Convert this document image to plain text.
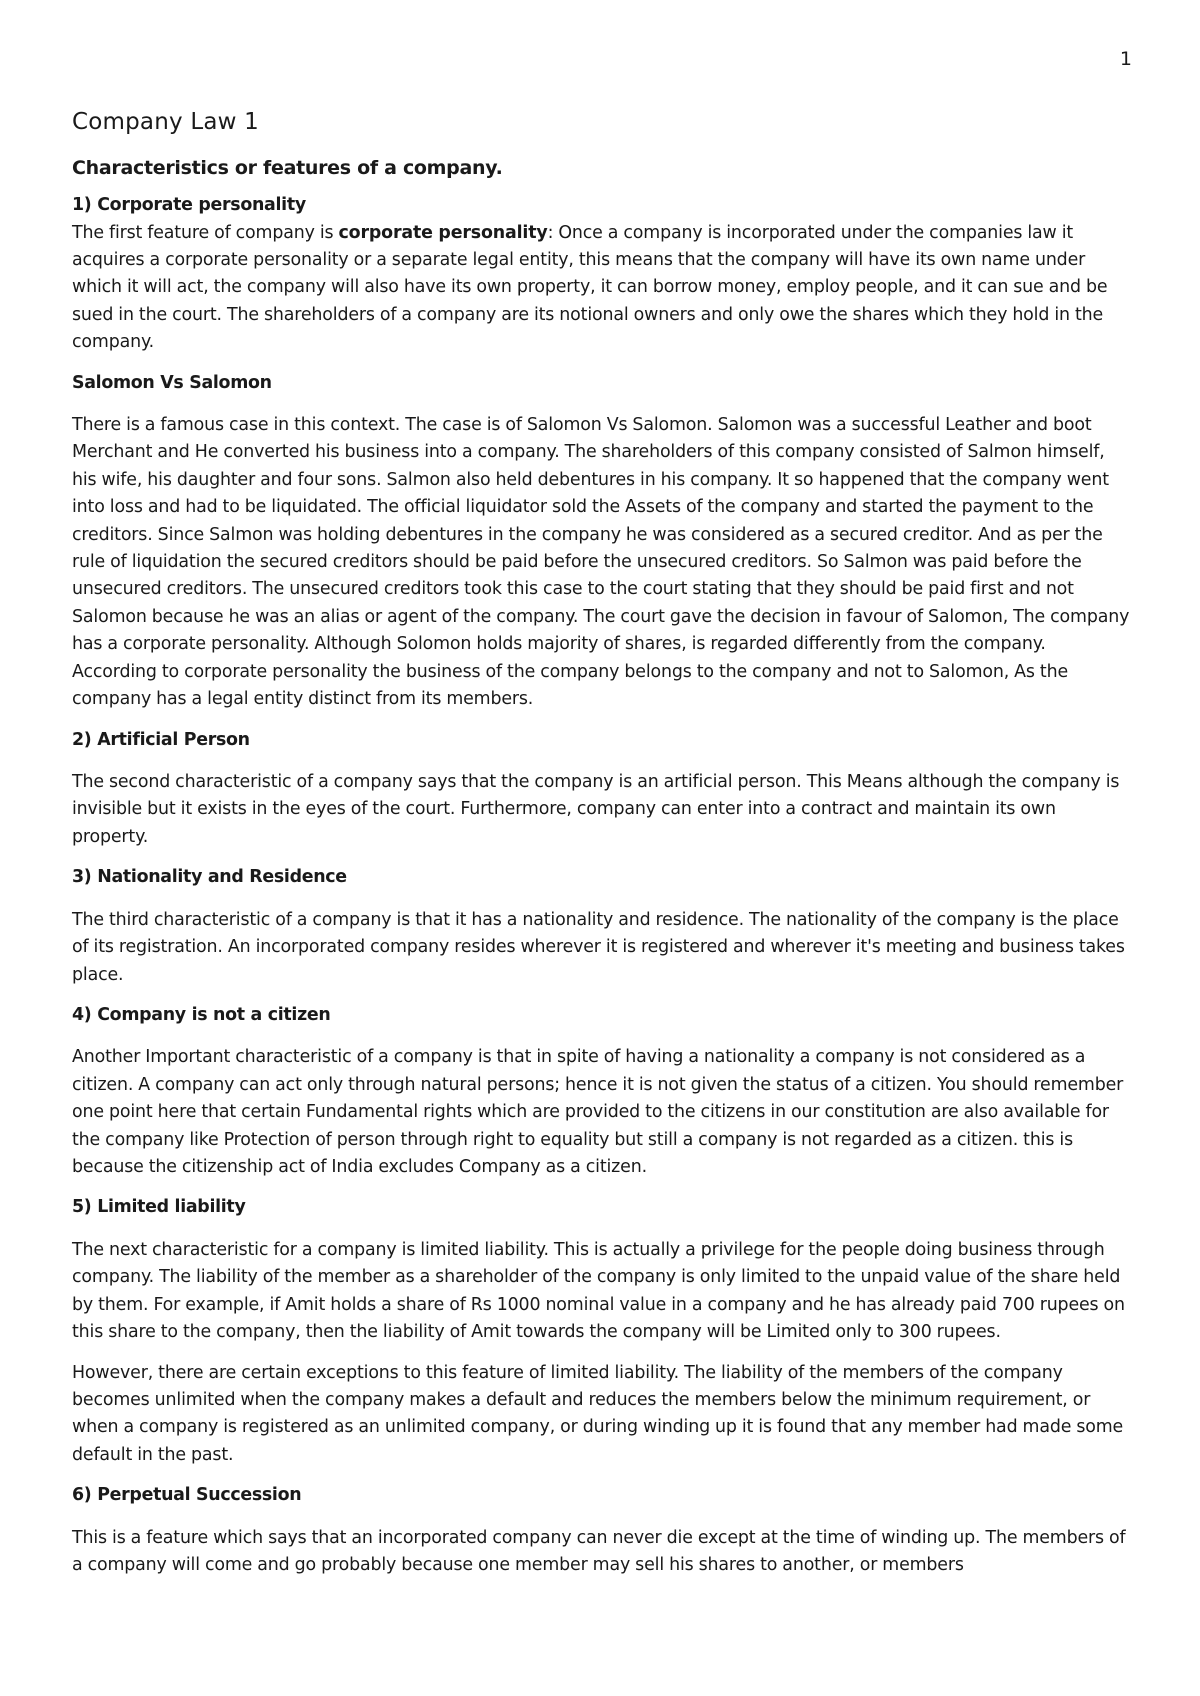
1
Company Law 1
Characteristics or features of a company.
1) Corporate personality

The first feature of company is corporate personality: Once a company is incorporated under the companies law it acquires a corporate personality or a separate legal entity, this means that the company will have its own name under which it will act, the company will also have its own property, it can borrow money, employ people, and it can sue and be sued in the court. The shareholders of a company are its notional owners and only owe the shares which they hold in the company.

Salomon Vs Salomon

There is a famous case in this context. The case is of Salomon Vs Salomon. Salomon was a successful Leather and boot Merchant and He converted his business into a company. The shareholders of this company consisted of Salmon himself, his wife, his daughter and four sons. Salmon also held debentures in his company. It so happened that the company went into loss and had to be liquidated. The official liquidator sold the Assets of the company and started the payment to the creditors. Since Salmon was holding debentures in the company he was considered as a secured creditor. And as per the rule of liquidation the secured creditors should be paid before the unsecured creditors. So Salmon was paid before the unsecured creditors. The unsecured creditors took this case to the court stating that they should be paid first and not Salomon because he was an alias or agent of the company. The court gave the decision in favour of Salomon, The company has a corporate personality. Although Solomon holds majority of shares, is regarded differently from the company. According to corporate personality the business of the company belongs to the company and not to Salomon, As the company has a legal entity distinct from its members.

2) Artificial Person

The second characteristic of a company says that the company is an artificial person. This Means although the company is invisible but it exists in the eyes of the court. Furthermore, company can enter into a contract and maintain its own property.

3) Nationality and Residence

The third characteristic of a company is that it has a nationality and residence. The nationality of the company is the place of its registration. An incorporated company resides wherever it is registered and wherever it's meeting and business takes place.

4) Company is not a citizen

Another Important characteristic of a company is that in spite of having a nationality a company is not considered as a citizen. A company can act only through natural persons; hence it is not given the status of a citizen. You should remember one point here that certain Fundamental rights which are provided to the citizens in our constitution are also available for the company like Protection of person through right to equality but still a company is not regarded as a citizen. this is because the citizenship act of India excludes Company as a citizen.

5) Limited liability

The next characteristic for a company is limited liability. This is actually a privilege for the people doing business through company. The liability of the member as a shareholder of the company is only limited to the unpaid value of the share held by them. For example, if Amit holds a share of Rs 1000 nominal value in a company and he has already paid 700 rupees on this share to the company, then the liability of Amit towards the company will be Limited only to 300 rupees.

However, there are certain exceptions to this feature of limited liability. The liability of the members of the company becomes unlimited when the company makes a default and reduces the members below the minimum requirement, or when a company is registered as an unlimited company, or during winding up it is found that any member had made some default in the past.

6) Perpetual Succession

This is a feature which says that an incorporated company can never die except at the time of winding up. The members of a company will come and go probably because one member may sell his shares to another, or members
